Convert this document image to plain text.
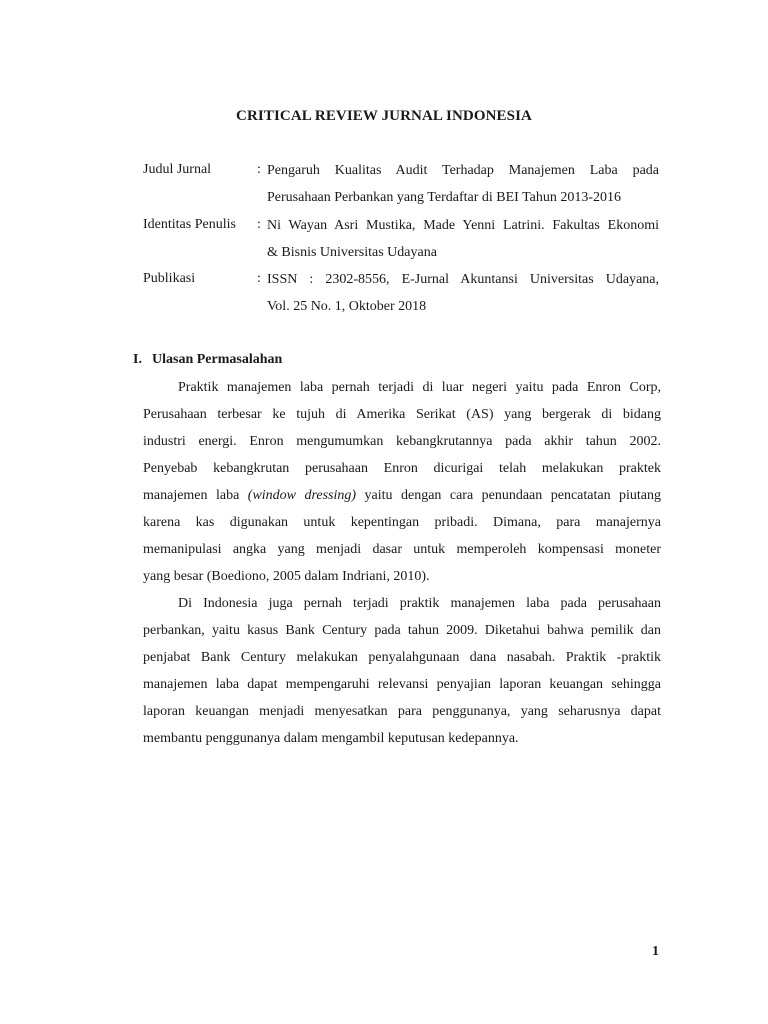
CRITICAL REVIEW JURNAL INDONESIA
Judul Jurnal	: Pengaruh Kualitas Audit Terhadap Manajemen Laba pada
Perusahaan Perbankan yang Terdaftar di BEI Tahun 2013-2016
Identitas Penulis : Ni Wayan Asri Mustika, Made Yenni Latrini. Fakultas Ekonomi
& Bisnis Universitas Udayana
Publikasi	: ISSN : 2302-8556, E-Jurnal Akuntansi Universitas Udayana,
Vol. 25 No. 1, Oktober 2018
I. Ulasan Permasalahan
Praktik manajemen laba pernah terjadi di luar negeri yaitu pada Enron Corp,
Perusahaan terbesar ke tujuh di Amerika Serikat (AS) yang bergerak di bidang
industri energi. Enron mengumumkan kebangkrutannya pada akhir tahun 2002.
Penyebab kebangkrutan perusahaan Enron dicurigai telah melakukan praktek
manajemen laba (window dressing) yaitu dengan cara penundaan pencatatan piutang
karena kas digunakan untuk kepentingan pribadi. Dimana, para manajernya
memanipulasi angka yang menjadi dasar untuk memperoleh kompensasi moneter
yang besar (Boediono, 2005 dalam Indriani, 2010).
Di Indonesia juga pernah terjadi praktik manajemen laba pada perusahaan
perbankan, yaitu kasus Bank Century pada tahun 2009. Diketahui bahwa pemilik dan
penjabat Bank Century melakukan penyalahgunaan dana nasabah. Praktik -praktik
manajemen laba dapat mempengaruhi relevansi penyajian laporan keuangan sehingga
laporan keuangan menjadi menyesatkan para penggunanya, yang seharusnya dapat
membantu penggunanya dalam mengambil keputusan kedepannya.
1
